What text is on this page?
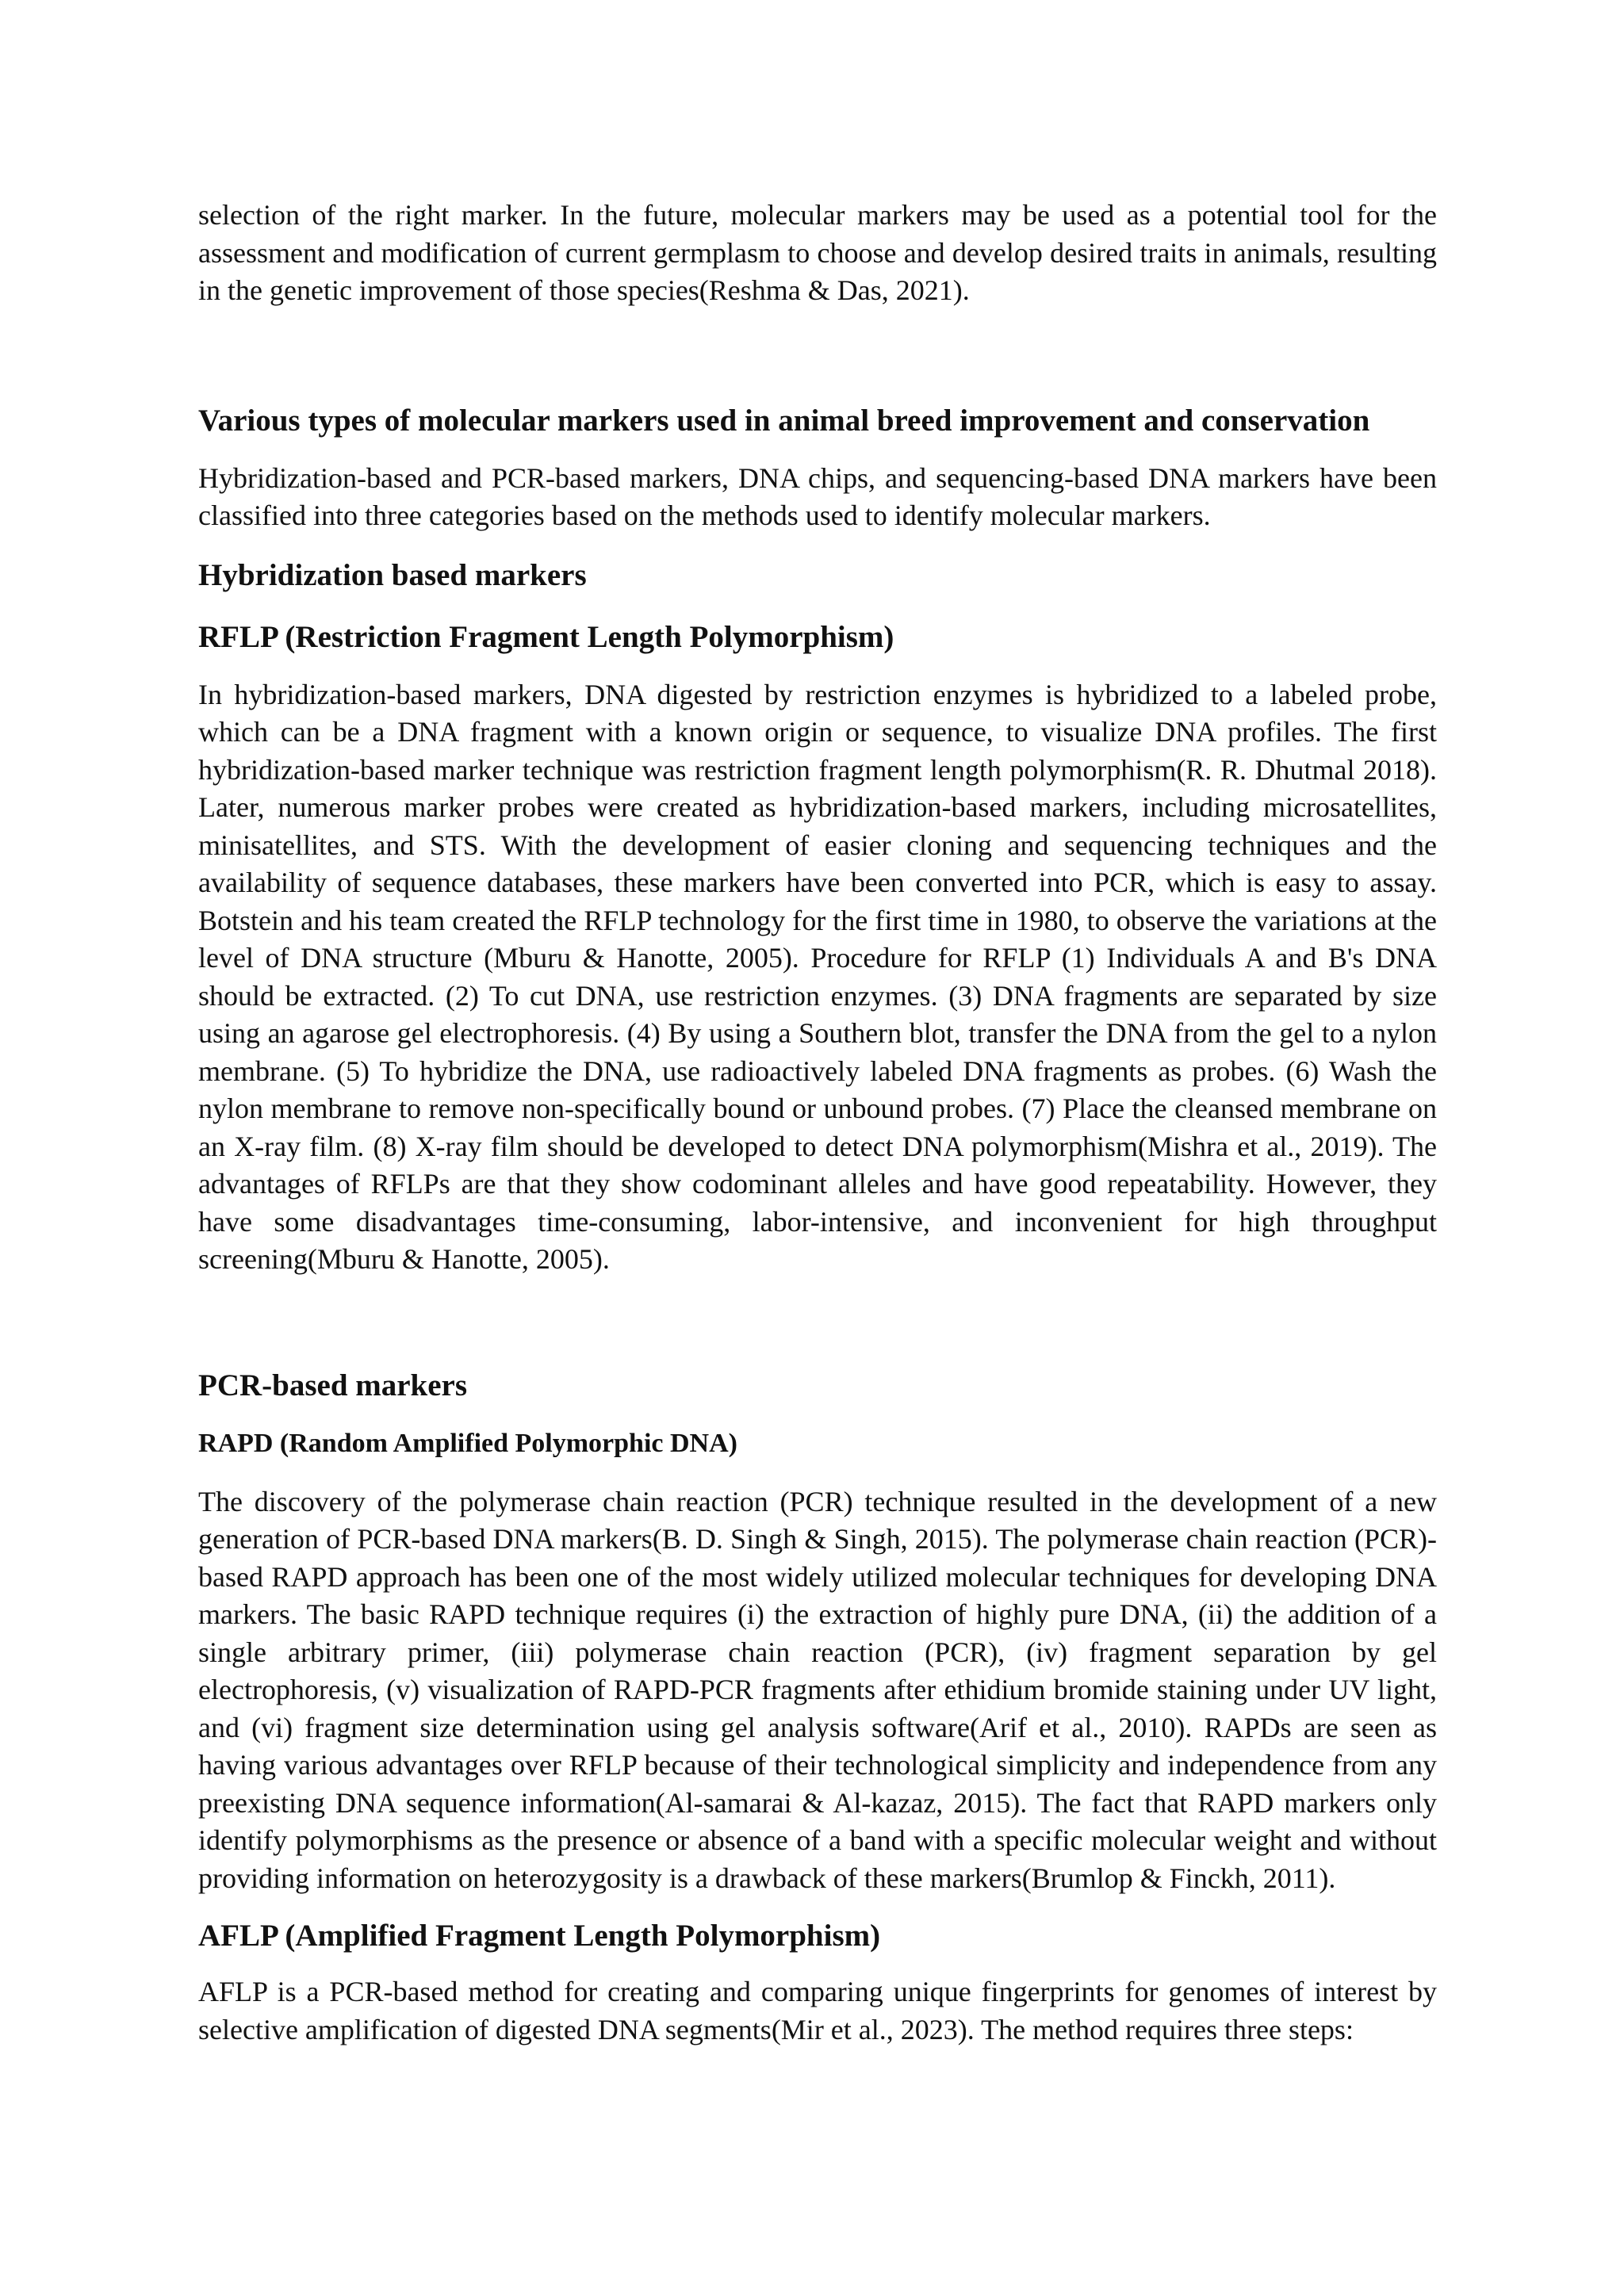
selection of the right marker. In the future, molecular markers may be used as a potential tool for the assessment and modification of current germplasm to choose and develop desired traits in animals, resulting in the genetic improvement of those species(Reshma & Das, 2021).

Various types of molecular markers used in animal breed improvement and conservation

Hybridization-based and PCR-based markers, DNA chips, and sequencing-based DNA markers have been classified into three categories based on the methods used to identify molecular markers.

Hybridization based markers
RFLP (Restriction Fragment Length Polymorphism)

In hybridization-based markers, DNA digested by restriction enzymes is hybridized to a labeled probe, which can be a DNA fragment with a known origin or sequence, to visualize DNA profiles. The first hybridization-based marker technique was restriction fragment length polymorphism(R. R. Dhutmal 2018). Later, numerous marker probes were created as hybridization-based markers, including microsatellites, minisatellites, and STS. With the development of easier cloning and sequencing techniques and the availability of sequence databases, these markers have been converted into PCR, which is easy to assay. Botstein and his team created the RFLP technology for the first time in 1980, to observe the variations at the level of DNA structure (Mburu & Hanotte, 2005). Procedure for RFLP (1) Individuals A and B's DNA should be extracted. (2) To cut DNA, use restriction enzymes. (3) DNA fragments are separated by size using an agarose gel electrophoresis. (4) By using a Southern blot, transfer the DNA from the gel to a nylon membrane. (5) To hybridize the DNA, use radioactively labeled DNA fragments as probes. (6) Wash the nylon membrane to remove non-specifically bound or unbound probes. (7) Place the cleansed membrane on an X-ray film. (8) X-ray film should be developed to detect DNA polymorphism(Mishra et al., 2019). The advantages of RFLPs are that they show codominant alleles and have good repeatability. However, they have some disadvantages time-consuming, labor-intensive, and inconvenient for high throughput screening(Mburu & Hanotte, 2005).

PCR-based markers
RAPD (Random Amplified Polymorphic DNA)

The discovery of the polymerase chain reaction (PCR) technique resulted in the development of a new generation of PCR-based DNA markers(B. D. Singh & Singh, 2015). The polymerase chain reaction (PCR)-based RAPD approach has been one of the most widely utilized molecular techniques for developing DNA markers. The basic RAPD technique requires (i) the extraction of highly pure DNA, (ii) the addition of a single arbitrary primer, (iii) polymerase chain reaction (PCR), (iv) fragment separation by gel electrophoresis, (v) visualization of RAPD-PCR fragments after ethidium bromide staining under UV light, and (vi) fragment size determination using gel analysis software(Arif et al., 2010). RAPDs are seen as having various advantages over RFLP because of their technological simplicity and independence from any preexisting DNA sequence information(Al-samarai & Al-kazaz, 2015). The fact that RAPD markers only identify polymorphisms as the presence or absence of a band with a specific molecular weight and without providing information on heterozygosity is a drawback of these markers(Brumlop & Finckh, 2011).

AFLP (Amplified Fragment Length Polymorphism)

AFLP is a PCR-based method for creating and comparing unique fingerprints for genomes of interest by selective amplification of digested DNA segments(Mir et al., 2023). The method requires three steps:
